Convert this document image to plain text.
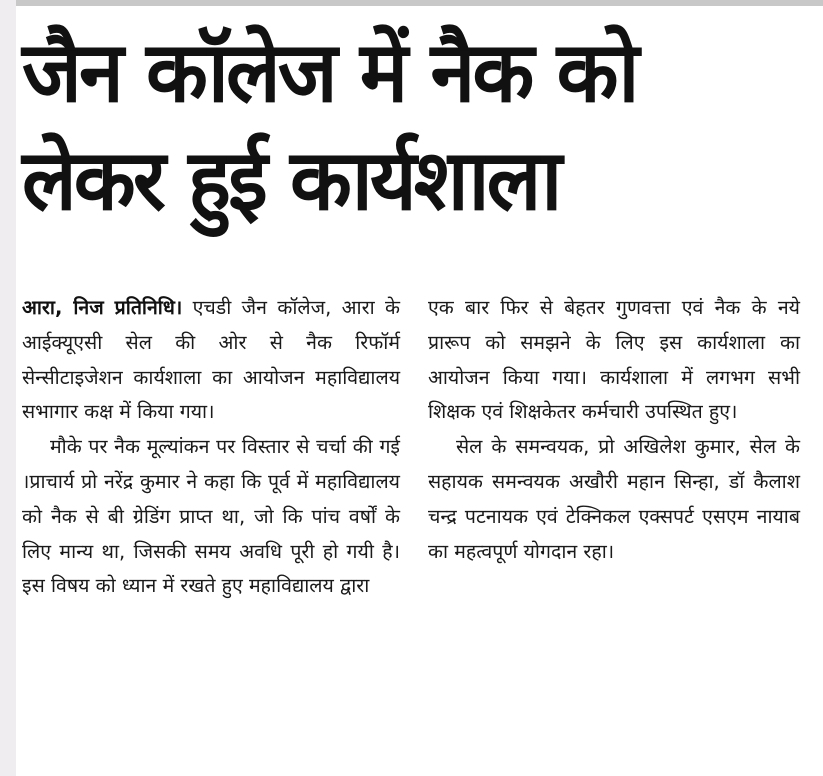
जैन कॉलेज में नैक को
लेकर हुई कार्यशाला

आरा, निज प्रतिनिधि। एचडी जैन कॉलेज, आरा के आईक्यूएसी सेल की ओर से नैक रिफॉर्म सेन्सीटाइजेशन कार्यशाला का आयोजन महाविद्यालय सभागार कक्ष में किया गया।

मौके पर नैक मूल्यांकन पर विस्तार से चर्चा की गई ।प्राचार्य प्रो नरेंद्र कुमार ने कहा कि पूर्व में महाविद्यालय को नैक से बी ग्रेडिंग प्राप्त था, जो कि पांच वर्षों के लिए मान्य था, जिसकी समय अवधि पूरी हो गयी है। इस विषय को ध्यान में रखते हुए महाविद्यालय द्वारा

एक बार फिर से बेहतर गुणवत्ता एवं नैक के नये प्रारूप को समझने के लिए इस कार्यशाला का आयोजन किया गया। कार्यशाला में लगभग सभी शिक्षक एवं शिक्षकेतर कर्मचारी उपस्थित हुए।

सेल के समन्वयक, प्रो अखिलेश कुमार, सेल के सहायक समन्वयक अखौरी महान सिन्हा, डॉ कैलाश चन्द्र पटनायक एवं टेक्निकल एक्सपर्ट एसएम नायाब का महत्वपूर्ण योगदान रहा।
